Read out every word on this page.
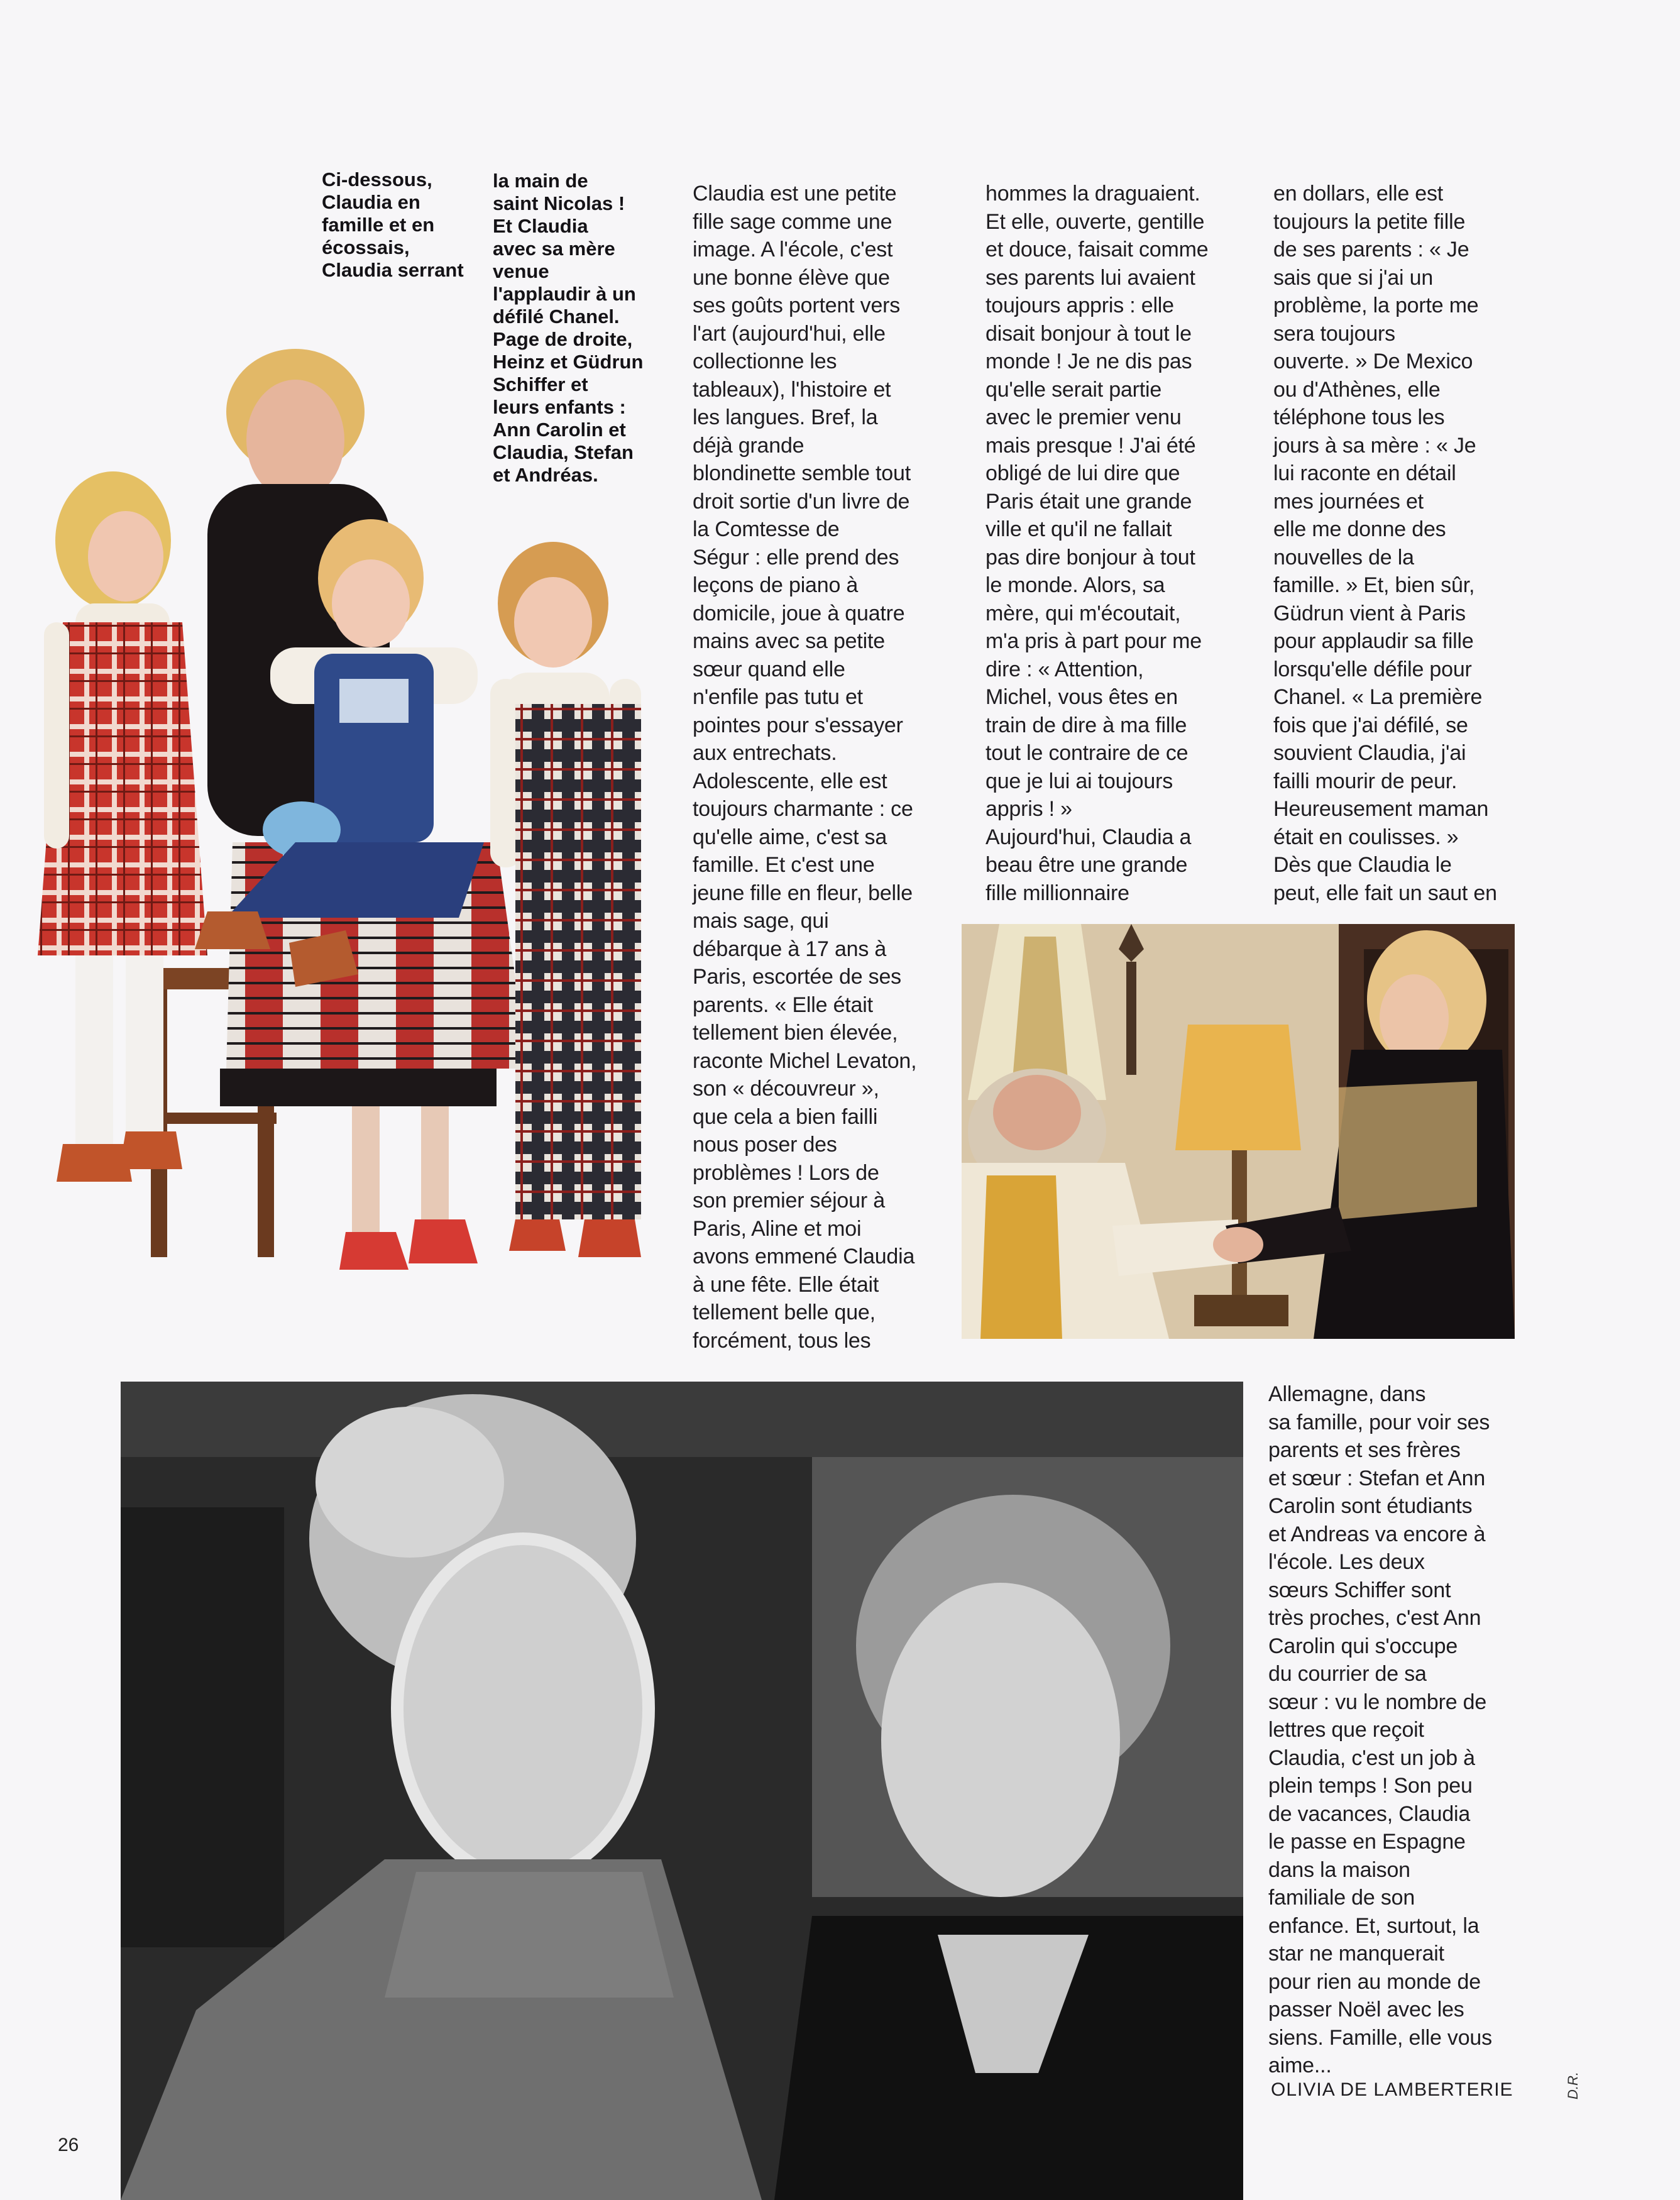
Ci-dessous,
Claudia en
famille et en
écossais,
Claudia serrant
la main de
saint Nicolas !
Et Claudia
avec sa mère
venue
l'applaudir à un
défilé Chanel.
Page de droite,
Heinz et Güdrun
Schiffer et
leurs enfants :
Ann Carolin et
Claudia, Stefan
et Andréas.
Claudia est une petite
fille sage comme une
image. A l'école, c'est
une bonne élève que
ses goûts portent vers
l'art (aujourd'hui, elle
collectionne les
tableaux), l'histoire et
les langues. Bref, la
déjà grande
blondinette semble tout
droit sortie d'un livre de
la Comtesse de
Ségur : elle prend des
leçons de piano à
domicile, joue à quatre
mains avec sa petite
sœur quand elle
n'enfile pas tutu et
pointes pour s'essayer
aux entrechats.
Adolescente, elle est
toujours charmante : ce
qu'elle aime, c'est sa
famille. Et c'est une
jeune fille en fleur, belle
mais sage, qui
débarque à 17 ans à
Paris, escortée de ses
parents. « Elle était
tellement bien élevée,
raconte Michel Levaton,
son « découvreur »,
que cela a bien failli
nous poser des
problèmes ! Lors de
son premier séjour à
Paris, Aline et moi
avons emmené Claudia
à une fête. Elle était
tellement belle que,
forcément, tous les
hommes la draguaient.
Et elle, ouverte, gentille
et douce, faisait comme
ses parents lui avaient
toujours appris : elle
disait bonjour à tout le
monde ! Je ne dis pas
qu'elle serait partie
avec le premier venu
mais presque ! J'ai été
obligé de lui dire que
Paris était une grande
ville et qu'il ne fallait
pas dire bonjour à tout
le monde. Alors, sa
mère, qui m'écoutait,
m'a pris à part pour me
dire : « Attention,
Michel, vous êtes en
train de dire à ma fille
tout le contraire de ce
que je lui ai toujours
appris ! »
Aujourd'hui, Claudia a
beau être une grande
fille millionnaire
en dollars, elle est
toujours la petite fille
de ses parents : « Je
sais que si j'ai un
problème, la porte me
sera toujours
ouverte. » De Mexico
ou d'Athènes, elle
téléphone tous les
jours à sa mère : « Je
lui raconte en détail
mes journées et
elle me donne des
nouvelles de la
famille. » Et, bien sûr,
Güdrun vient à Paris
pour applaudir sa fille
lorsqu'elle défile pour
Chanel. « La première
fois que j'ai défilé, se
souvient Claudia, j'ai
failli mourir de peur.
Heureusement maman
était en coulisses. »
Dès que Claudia le
peut, elle fait un saut en
Allemagne, dans
sa famille, pour voir ses
parents et ses frères
et sœur : Stefan et Ann
Carolin sont étudiants
et Andreas va encore à
l'école. Les deux
sœurs Schiffer sont
très proches, c'est Ann
Carolin qui s'occupe
du courrier de sa
sœur : vu le nombre de
lettres que reçoit
Claudia, c'est un job à
plein temps ! Son peu
de vacances, Claudia
le passe en Espagne
dans la maison
familiale de son
enfance. Et, surtout, la
star ne manquerait
pour rien au monde de
passer Noël avec les
siens. Famille, elle vous
aime...
OLIVIA DE LAMBERTERIE	D.R.
26
